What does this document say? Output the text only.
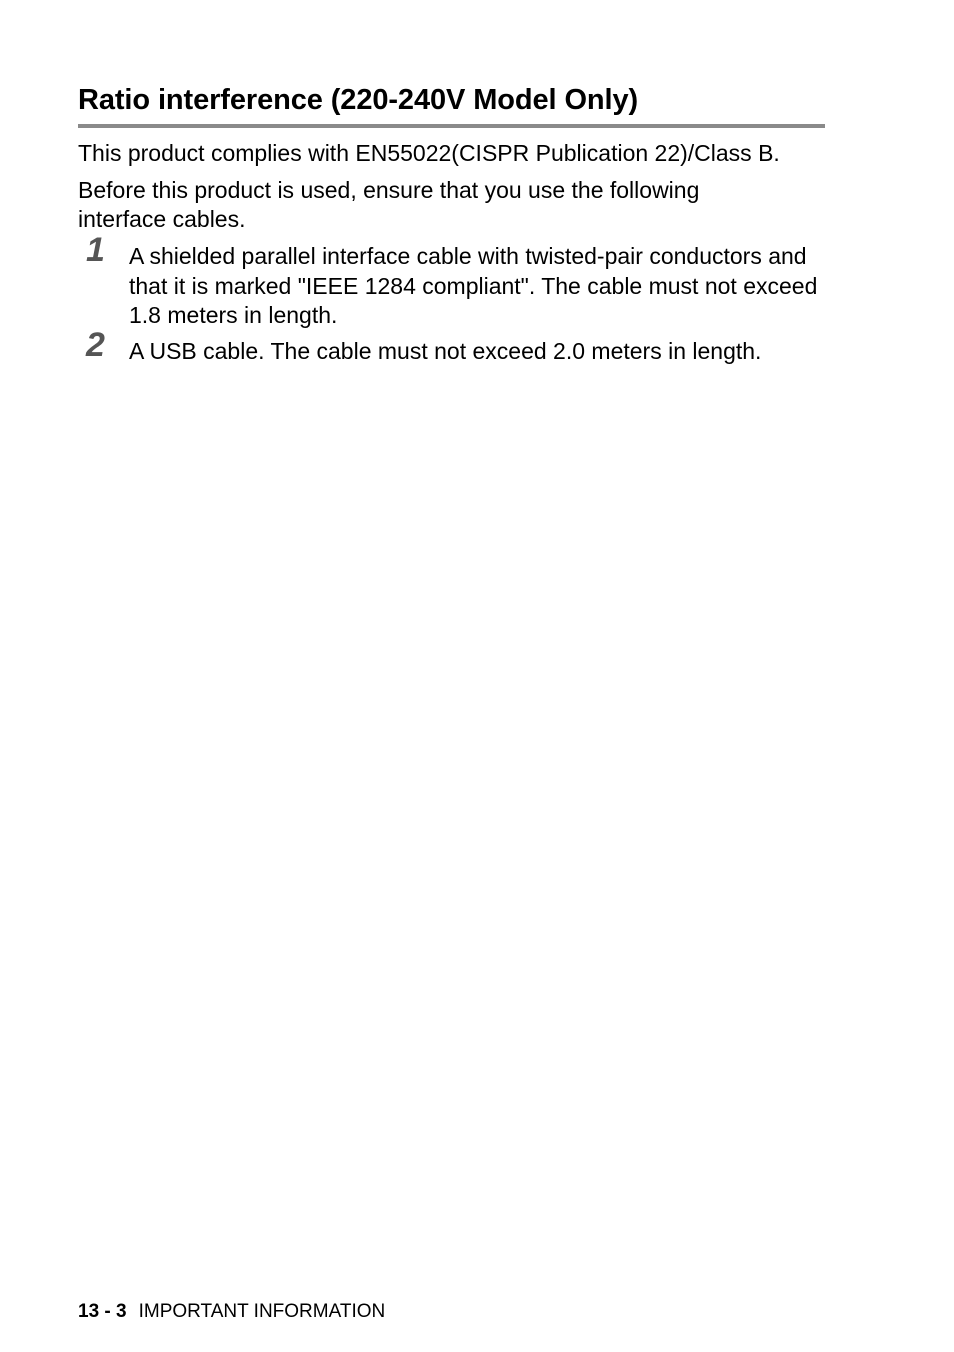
Ratio interference (220-240V Model Only)

This product complies with EN55022(CISPR Publication 22)/Class B.

Before this product is used, ensure that you use the following interface cables.

1 A shielded parallel interface cable with twisted-pair conductors and that it is marked "IEEE 1284 compliant". The cable must not exceed 1.8 meters in length.

2 A USB cable. The cable must not exceed 2.0 meters in length.

13 - 3 IMPORTANT INFORMATION
